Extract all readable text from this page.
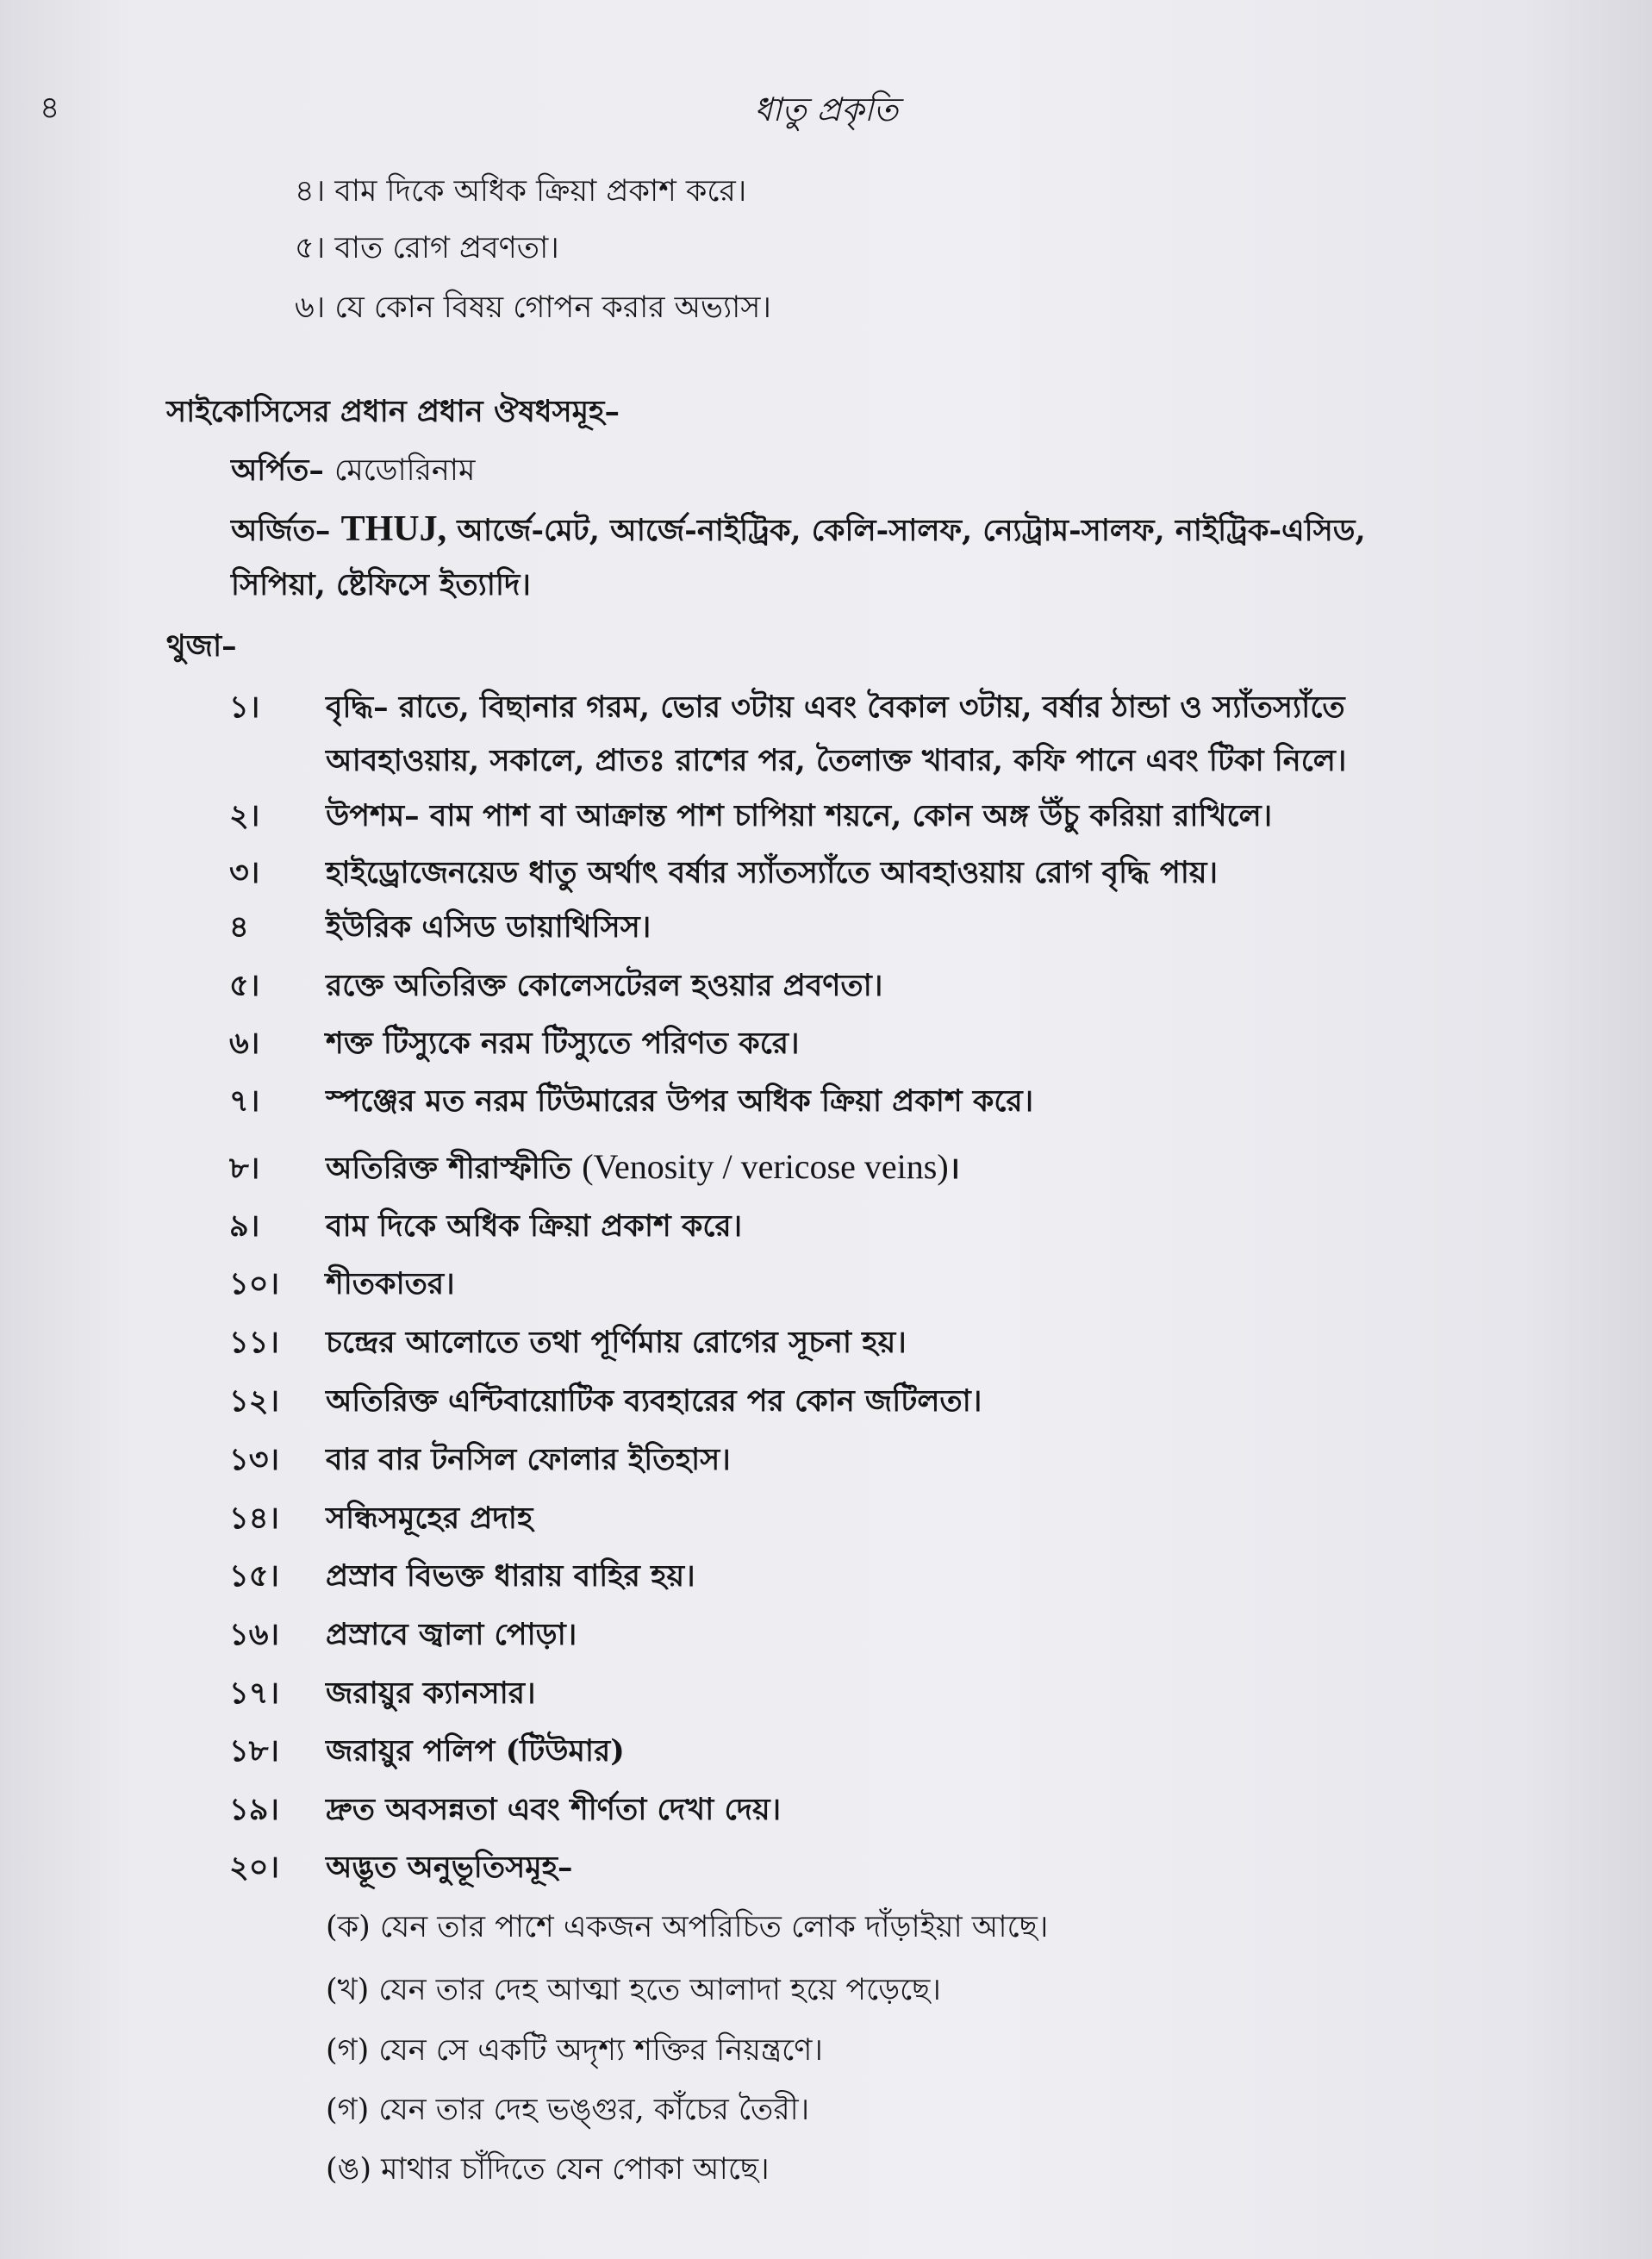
৪	ধাতু প্রকৃতি
৪। বাম দিকে অধিক ক্রিয়া প্রকাশ করে।
৫। বাত রোগ প্রবণতা।
৬। যে কোন বিষয় গোপন করার অভ্যাস।
সাইকোসিসের প্রধান প্রধান ঔষধসমূহ–
অর্পিত– মেডোরিনাম
অর্জিত– THUJ, আর্জে-মেট, আর্জে-নাইট্রিক, কেলি-সালফ, ন্যেট্রাম-সালফ, নাইট্রিক-এসিড,
সিপিয়া, ষ্টেফিসে ইত্যাদি।
থুজা–
১। বৃদ্ধি– রাতে, বিছানার গরম, ভোর ৩টায় এবং বৈকাল ৩টায়, বর্ষার ঠান্ডা ও স্যাঁতস্যাঁতে
আবহাওয়ায়, সকালে, প্রাতঃ রাশের পর, তৈলাক্ত খাবার, কফি পানে এবং টিকা নিলে।
২। উপশম– বাম পাশ বা আক্রান্ত পাশ চাপিয়া শয়নে, কোন অঙ্গ উঁচু করিয়া রাখিলে।
৩। হাইড্রোজেনয়েড ধাতু অর্থাৎ বর্ষার স্যাঁতস্যাঁতে আবহাওয়ায় রোগ বৃদ্ধি পায়।
৪	ইউরিক এসিড ডায়াথিসিস।
৫। রক্তে অতিরিক্ত কোলেসটেরল হওয়ার প্রবণতা।
৬। শক্ত টিস্যুকে নরম টিস্যুতে পরিণত করে।
৭। স্পঞ্জের মত নরম টিউমারের উপর অধিক ক্রিয়া প্রকাশ করে।
৮। অতিরিক্ত শীরাস্ফীতি (Venosity / vericose veins)।
৯। বাম দিকে অধিক ক্রিয়া প্রকাশ করে।
১০। শীতকাতর।
১১। চন্দ্রের আলোতে তথা পূর্ণিমায় রোগের সূচনা হয়।
১২। অতিরিক্ত এন্টিবায়োটিক ব্যবহারের পর কোন জটিলতা।
১৩। বার বার টনসিল ফোলার ইতিহাস।
১৪। সন্ধিসমূহের প্রদাহ
১৫। প্রস্রাব বিভক্ত ধারায় বাহির হয়।
১৬। প্রস্রাবে জ্বালা পোড়া।
১৭। জরায়ুর ক্যানসার।
১৮। জরায়ুর পলিপ (টিউমার)
১৯। দ্রুত অবসন্নতা এবং শীর্ণতা দেখা দেয়।
২০। অদ্ভূত অনুভূতিসমূহ–
(ক) যেন তার পাশে একজন অপরিচিত লোক দাঁড়াইয়া আছে।
(খ) যেন তার দেহ আত্মা হতে আলাদা হয়ে পড়েছে।
(গ) যেন সে একটি অদৃশ্য শক্তির নিয়ন্ত্রণে।
(গ) যেন তার দেহ ভঙ্গুর, কাঁচের তৈরী।
(ঙ) মাথার চাঁদিতে যেন পোকা আছে।
